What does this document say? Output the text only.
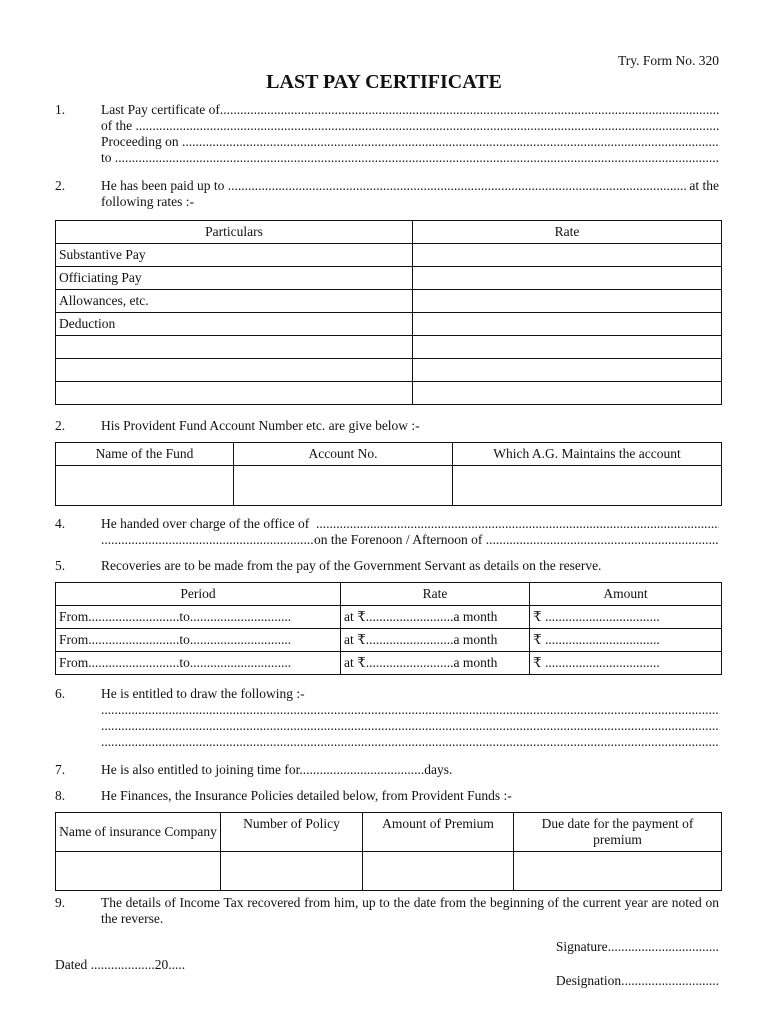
Try. Form No. 320
LAST PAY CERTIFICATE
1.	Last Pay certificate of
.....
of the
.....
Proceeding on
.....
to
.....
2.	He has been paid up to .....	at the
following rates :-
Particulars	Rate
Substantive Pay	
Officiating Pay	
Allowances, etc.	
Deduction	

2.	His Provident Fund Account Number etc. are give below :-
Name of the Fund	Account No.	Which A.G. Maintains the account

4.	He handed over charge of the office of
.....
.....
on the Forenoon / Afternoon of
.....
5.	Recoveries are to be made from the pay of the Government Servant as details on the reserve.
Period	Rate	Amount
From...........................to..............................	at ₹..........................a month	₹ ..................................
From...........................to..............................	at ₹..........................a month	₹ ..................................
From...........................to..............................	at ₹..........................a month	₹ ..................................
6.	He is entitled to draw the following :-
.....
.....
.....
7.	He is also entitled to joining time for.....................................days.
8.	He Finances, the Insurance Policies detailed below, from Provident Funds :-
Name of insurance Company	Number of Policy	Amount of Premium	Due date for the payment of premium

9.	The details of Income Tax recovered from him, up to the date from the beginning of the current year are noted on the reverse.
Signature.................................
Dated ...................20.....
Designation.............................
